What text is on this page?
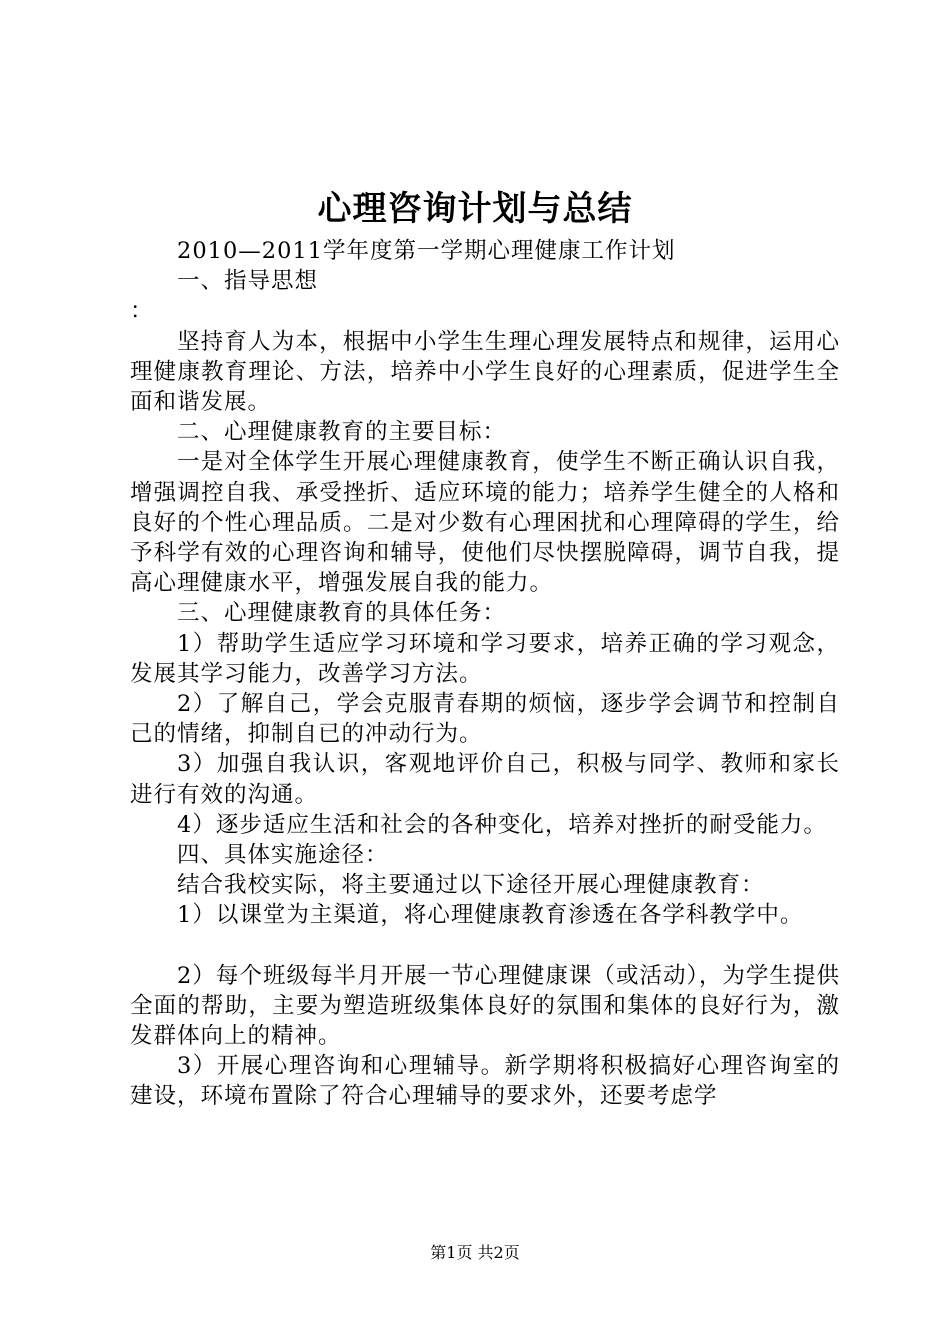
心理咨询计划与总结

2010—2011学年度第一学期心理健康工作计划

一、指导思想

：

坚持育人为本，根据中小学生生理心理发展特点和规律，运用心理健康教育理论、方法，培养中小学生良好的心理素质，促进学生全面和谐发展。

二、心理健康教育的主要目标：

一是对全体学生开展心理健康教育，使学生不断正确认识自我，增强调控自我、承受挫折、适应环境的能力；培养学生健全的人格和良好的个性心理品质。二是对少数有心理困扰和心理障碍的学生，给予科学有效的心理咨询和辅导，使他们尽快摆脱障碍，调节自我，提高心理健康水平，增强发展自我的能力。

三、心理健康教育的具体任务：

1）帮助学生适应学习环境和学习要求，培养正确的学习观念，发展其学习能力，改善学习方法。

2）了解自己，学会克服青春期的烦恼，逐步学会调节和控制自己的情绪，抑制自已的冲动行为。

3）加强自我认识，客观地评价自己，积极与同学、教师和家长进行有效的沟通。

4）逐步适应生活和社会的各种变化，培养对挫折的耐受能力。

四、具体实施途径：

结合我校实际，将主要通过以下途径开展心理健康教育：

1）以课堂为主渠道，将心理健康教育渗透在各学科教学中。

2）每个班级每半月开展一节心理健康课（或活动），为学生提供全面的帮助，主要为塑造班级集体良好的氛围和集体的良好行为，激发群体向上的精神。

3）开展心理咨询和心理辅导。新学期将积极搞好心理咨询室的建设，环境布置除了符合心理辅导的要求外，还要考虑学

第1页 共2页
